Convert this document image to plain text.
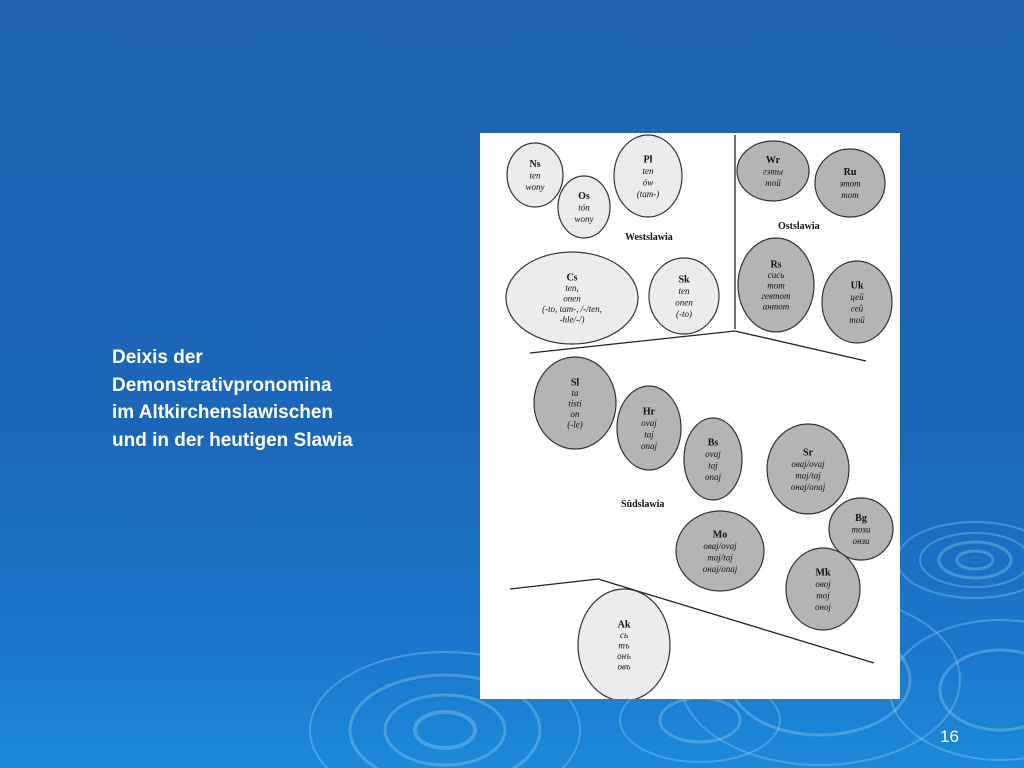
Deixis der
Demonstrativpronomina
im Altkirchenslawischen
und in der heutigen Slawia
Westslawia
Ostslawia
Südslawia
Ns
ten
wony
Os
tón
wony
Pl
ten
ów
(tam-)
Cs
ten,
onen
(-to, tam-, /-/ten,
-hle/-/)
Sk
ten
onen
(-to)
Wr
гэты
той
Ru
этот
тот
Rs
сись
тот
гевтот
антот
Uk
цей
сей
той
Sl
ta
tisti
on
(-le)
Hr
ovaj
taj
onaj	Bs
ovaj
taj
onaj
Sr
овај/ovaj
тај/taj
онај/onaj
Mo
овај/ovaj
тај/taj
онај/onaj
Bg
този
онзи
Mk
овој
тој
оној
Ak
сь
тъ
онъ
овъ
16
